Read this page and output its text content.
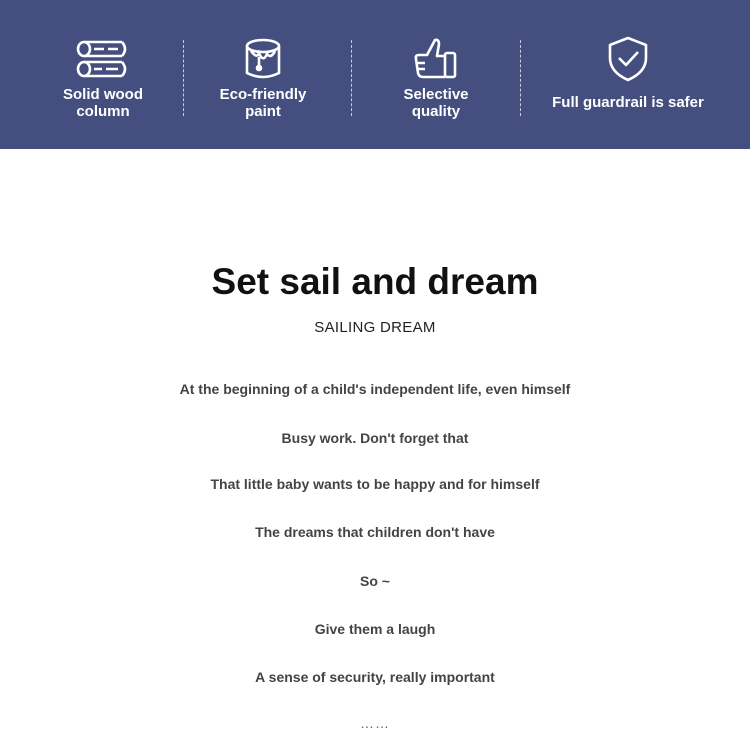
Solid wood
column
Eco-friendly
paint
Selective
quality
Full guardrail is safer
Set sail and dream
SAILING DREAM
At the beginning of a child's independent life, even himself
Busy work. Don't forget that
That little baby wants to be happy and for himself
The dreams that children don't have
So ~
Give them a laugh
A sense of security, really important
……
